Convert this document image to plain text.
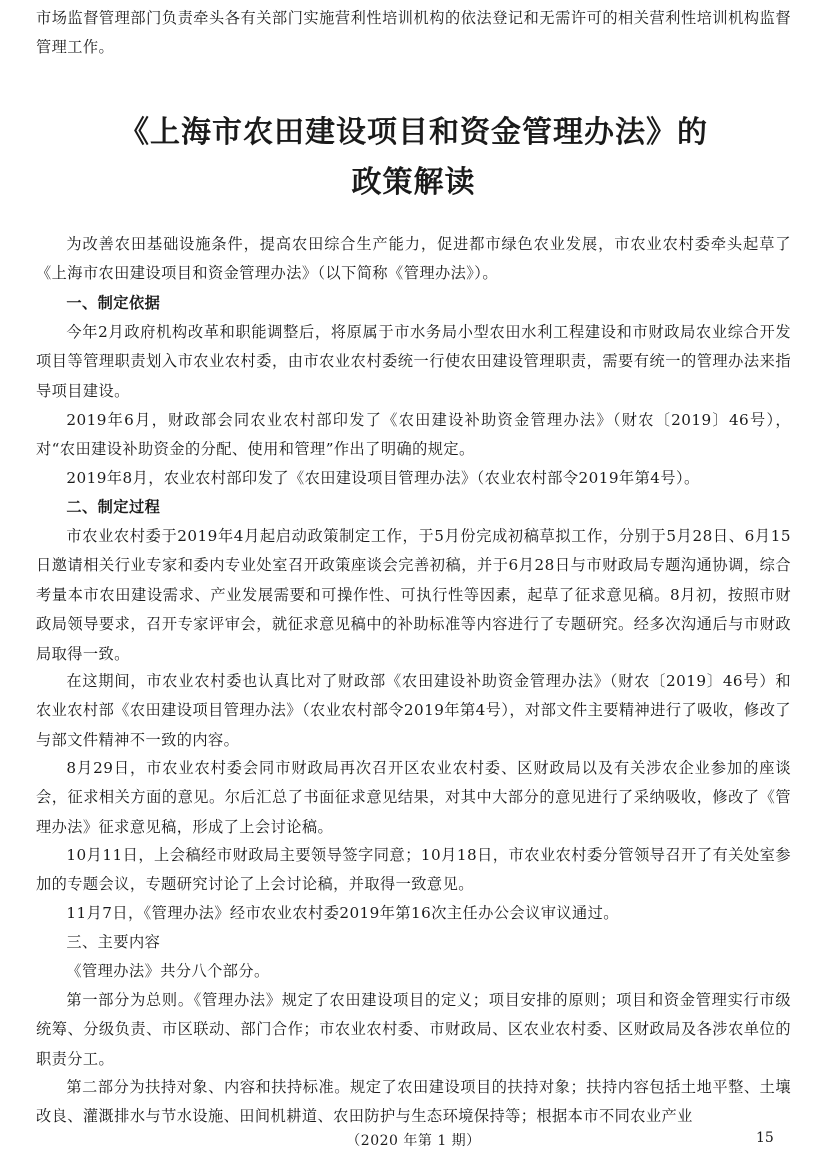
市场监督管理部门负责牵头各有关部门实施营利性培训机构的依法登记和无需许可的相关营利性培训机构监督管理工作。

《上海市农田建设项目和资金管理办法》的
政策解读

为改善农田基础设施条件，提高农田综合生产能力，促进都市绿色农业发展，市农业农村委牵头起草了《上海市农田建设项目和资金管理办法》（以下简称《管理办法》）。

一、制定依据

今年2月政府机构改革和职能调整后，将原属于市水务局小型农田水利工程建设和市财政局农业综合开发项目等管理职责划入市农业农村委，由市农业农村委统一行使农田建设管理职责，需要有统一的管理办法来指导项目建设。

2019年6月，财政部会同农业农村部印发了《农田建设补助资金管理办法》（财农〔2019〕46号），对“农田建设补助资金的分配、使用和管理”作出了明确的规定。

2019年8月，农业农村部印发了《农田建设项目管理办法》（农业农村部令2019年第4号）。

二、制定过程

市农业农村委于2019年4月起启动政策制定工作，于5月份完成初稿草拟工作，分别于5月28日、6月15日邀请相关行业专家和委内专业处室召开政策座谈会完善初稿，并于6月28日与市财政局专题沟通协调，综合考量本市农田建设需求、产业发展需要和可操作性、可执行性等因素，起草了征求意见稿。8月初，按照市财政局领导要求，召开专家评审会，就征求意见稿中的补助标准等内容进行了专题研究。经多次沟通后与市财政局取得一致。

在这期间，市农业农村委也认真比对了财政部《农田建设补助资金管理办法》（财农〔2019〕46号）和农业农村部《农田建设项目管理办法》（农业农村部令2019年第4号），对部文件主要精神进行了吸收，修改了与部文件精神不一致的内容。

8月29日，市农业农村委会同市财政局再次召开区农业农村委、区财政局以及有关涉农企业参加的座谈会，征求相关方面的意见。尔后汇总了书面征求意见结果，对其中大部分的意见进行了采纳吸收，修改了《管理办法》征求意见稿，形成了上会讨论稿。

10月11日，上会稿经市财政局主要领导签字同意；10月18日，市农业农村委分管领导召开了有关处室参加的专题会议，专题研究讨论了上会讨论稿，并取得一致意见。

11月7日，《管理办法》经市农业农村委2019年第16次主任办公会议审议通过。

三、主要内容

《管理办法》共分八个部分。

第一部分为总则。《管理办法》规定了农田建设项目的定义；项目安排的原则；项目和资金管理实行市级统筹、分级负责、市区联动、部门合作；市农业农村委、市财政局、区农业农村委、区财政局及各涉农单位的职责分工。

第二部分为扶持对象、内容和扶持标准。规定了农田建设项目的扶持对象；扶持内容包括土地平整、土壤改良、灌溉排水与节水设施、田间机耕道、农田防护与生态环境保持等；根据本市不同农业产业

（2020 年第 1 期）	15
